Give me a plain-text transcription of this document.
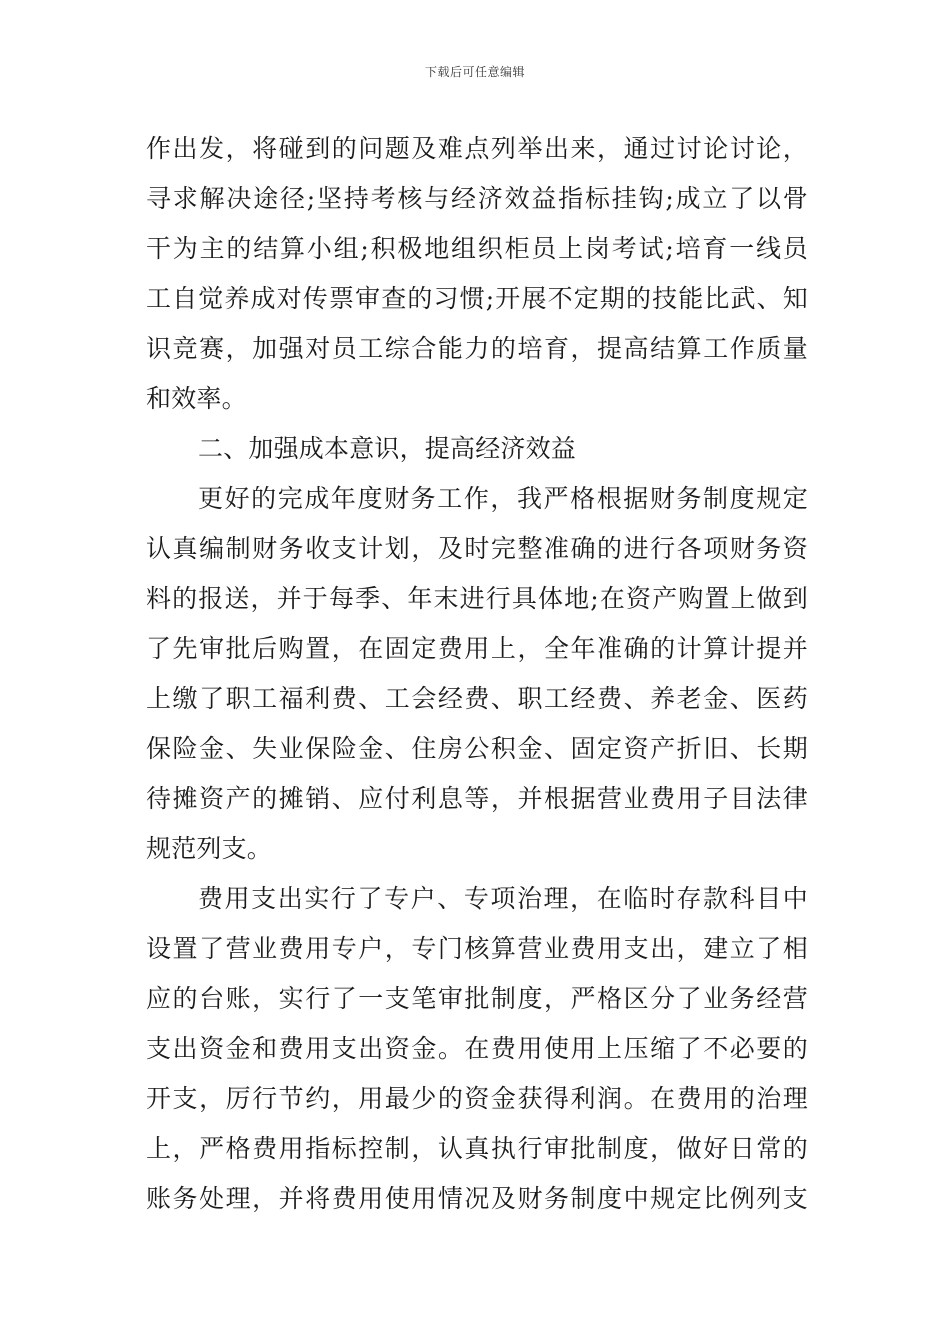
下载后可任意编辑
作出发，将碰到的问题及难点列举出来，通过讨论讨论，
寻求解决途径;坚持考核与经济效益指标挂钩;成立了以骨
干为主的结算小组;积极地组织柜员上岗考试;培育一线员
工自觉养成对传票审查的习惯;开展不定期的技能比武、知
识竞赛，加强对员工综合能力的培育，提高结算工作质量
和效率。
二、加强成本意识，提高经济效益
更好的完成年度财务工作，我严格根据财务制度规定
认真编制财务收支计划，及时完整准确的进行各项财务资
料的报送，并于每季、年末进行具体地;在资产购置上做到
了先审批后购置，在固定费用上，全年准确的计算计提并
上缴了职工福利费、工会经费、职工经费、养老金、医药
保险金、失业保险金、住房公积金、固定资产折旧、长期
待摊资产的摊销、应付利息等，并根据营业费用子目法律
规范列支。
费用支出实行了专户、专项治理，在临时存款科目中
设置了营业费用专户，专门核算营业费用支出，建立了相
应的台账，实行了一支笔审批制度，严格区分了业务经营
支出资金和费用支出资金。在费用使用上压缩了不必要的
开支，厉行节约，用最少的资金获得利润。在费用的治理
上，严格费用指标控制，认真执行审批制度，做好日常的
账务处理，并将费用使用情况及财务制度中规定比例列支
